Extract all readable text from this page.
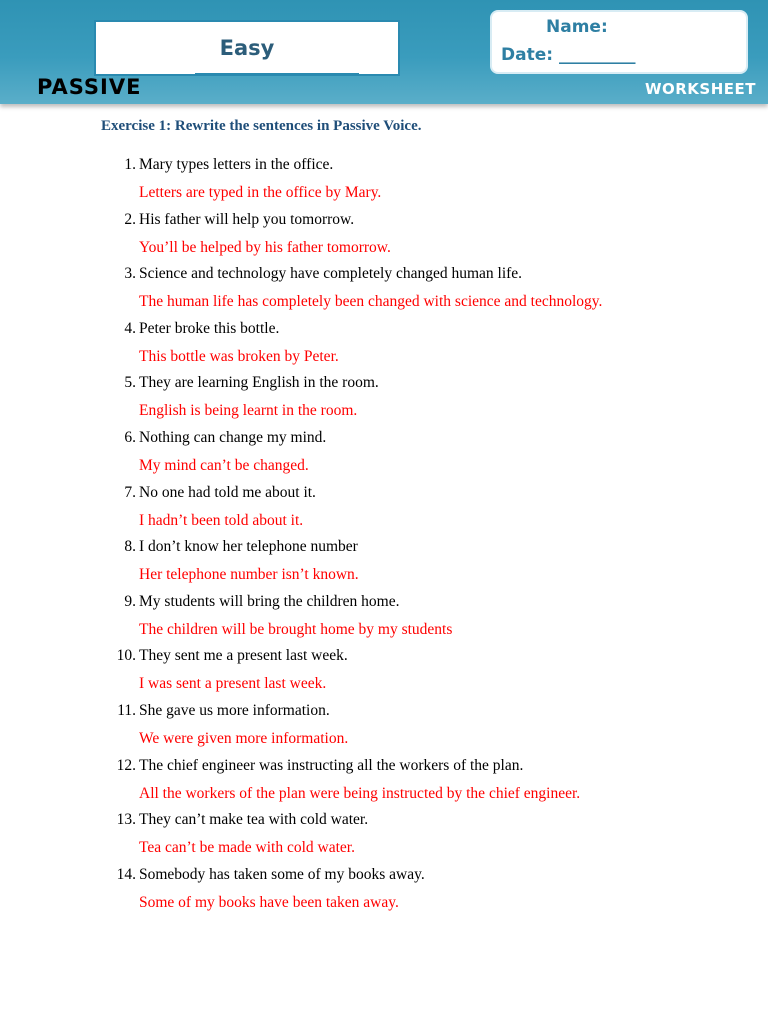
Easy
Name:
Date: _________
PASSIVE	WORKSHEET
Exercise 1: Rewrite the sentences in Passive Voice.
1. Mary types letters in the office.
Letters are typed in the office by Mary.
2. His father will help you tomorrow.
You’ll be helped by his father tomorrow.
3. Science and technology have completely changed human life.
The human life has completely been changed with science and technology.
4. Peter broke this bottle.
This bottle was broken by Peter.
5. They are learning English in the room.
English is being learnt in the room.
6. Nothing can change my mind.
My mind can’t be changed.
7. No one had told me about it.
I hadn’t been told about it.
8. I don’t know her telephone number
Her telephone number isn’t known.
9. My students will bring the children home.
The children will be brought home by my students
10. They sent me a present last week.
I was sent a present last week.
11. She gave us more information.
We were given more information.
12. The chief engineer was instructing all the workers of the plan.
All the workers of the plan were being instructed by the chief engineer.
13. They can’t make tea with cold water.
Tea can’t be made with cold water.
14. Somebody has taken some of my books away.
Some of my books have been taken away.
